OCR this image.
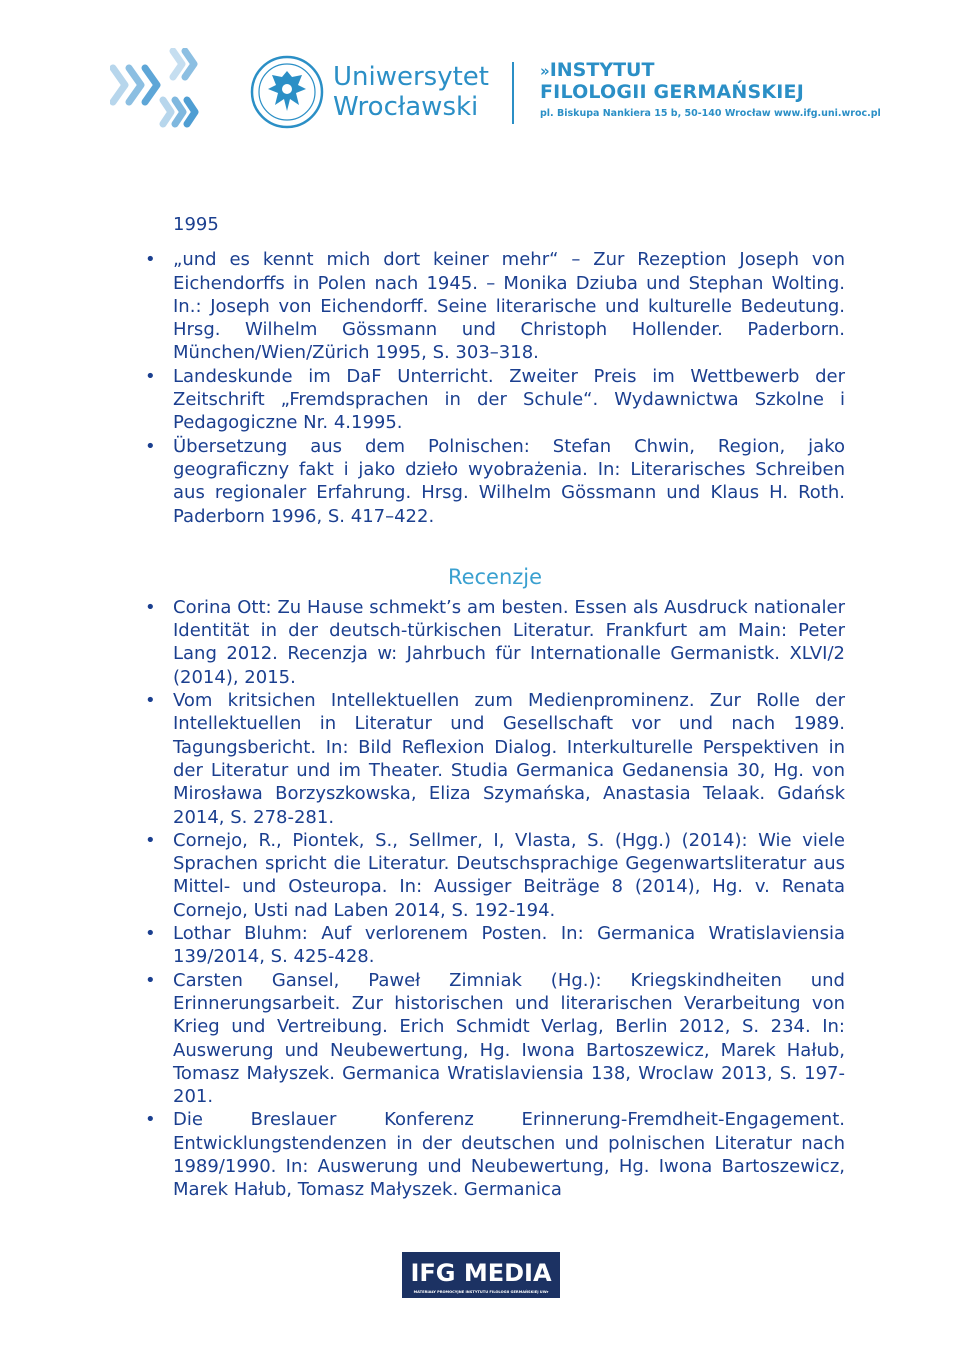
Uniwersytet
Wrocławski
»INSTYTUT
FILOLOGII GERMAŃSKIEJ
pl. Biskupa Nankiera 15 b, 50-140 Wrocław www.ifg.uni.wroc.pl
1995
• „und es kennt mich dort keiner mehr“ – Zur Rezeption Joseph von Eichendorffs in Polen nach 1945. – Monika Dziuba und Stephan Wolting. In.: Joseph von Eichendorff. Seine literarische und kulturelle Bedeutung. Hrsg. Wilhelm Gössmann und Christoph Hollender. Paderborn. München/Wien/Zürich 1995, S. 303–318.
• Landeskunde im DaF Unterricht. Zweiter Preis im Wettbewerb der Zeitschrift „Fremdsprachen in der Schule“. Wydawnictwa Szkolne i Pedagogiczne Nr. 4.1995.
• Übersetzung aus dem Polnischen: Stefan Chwin, Region, jako geograficzny fakt i jako dzieło wyobrażenia. In: Literarisches Schreiben aus regionaler Erfahrung. Hrsg. Wilhelm Gössmann und Klaus H. Roth. Paderborn 1996, S. 417–422.
Recenzje
• Corina Ott: Zu Hause schmekt’s am besten. Essen als Ausdruck nationaler Identität in der deutsch-türkischen Literatur. Frankfurt am Main: Peter Lang 2012. Recenzja w: Jahrbuch für Internationalle Germanistk. XLVI/2 (2014), 2015.
• Vom kritsichen Intellektuellen zum Medienprominenz. Zur Rolle der Intellektuellen in Literatur und Gesellschaft vor und nach 1989. Tagungsbericht. In: Bild Reflexion Dialog. Interkulturelle Perspektiven in der Literatur und im Theater. Studia Germanica Gedanensia 30, Hg. von Mirosława Borzyszkowska, Eliza Szymańska, Anastasia Telaak. Gdańsk 2014, S. 278-281.
• Cornejo, R., Piontek, S., Sellmer, I, Vlasta, S. (Hgg.) (2014): Wie viele Sprachen spricht die Literatur. Deutschsprachige Gegenwartsliteratur aus Mittel- und Osteuropa. In: Aussiger Beiträge 8 (2014), Hg. v. Renata Cornejo, Usti nad Laben 2014, S. 192-194.
• Lothar Bluhm: Auf verlorenem Posten. In: Germanica Wratislaviensia 139/2014, S. 425-428.
• Carsten Gansel, Paweł Zimniak (Hg.): Kriegskindheiten und Erinnerungsarbeit. Zur historischen und literarischen Verarbeitung von Krieg und Vertreibung. Erich Schmidt Verlag, Berlin 2012, S. 234. In: Auswerung und Neubewertung, Hg. Iwona Bartoszewicz, Marek Hałub, Tomasz Małyszek. Germanica Wratislaviensia 138, Wroclaw 2013, S. 197-201.
• Die Breslauer Konferenz Erinnerung-Fremdheit-Engagement. Entwicklungstendenzen in der deutschen und polnischen Literatur nach 1989/1990. In: Auswerung und Neubewertung, Hg. Iwona Bartoszewicz, Marek Hałub, Tomasz Małyszek. Germanica
IFG MEDIA
MATERIAŁY PROMOCYJNE INSTYTUTU FILOLOGII GERMAŃSKIEJ UWr
